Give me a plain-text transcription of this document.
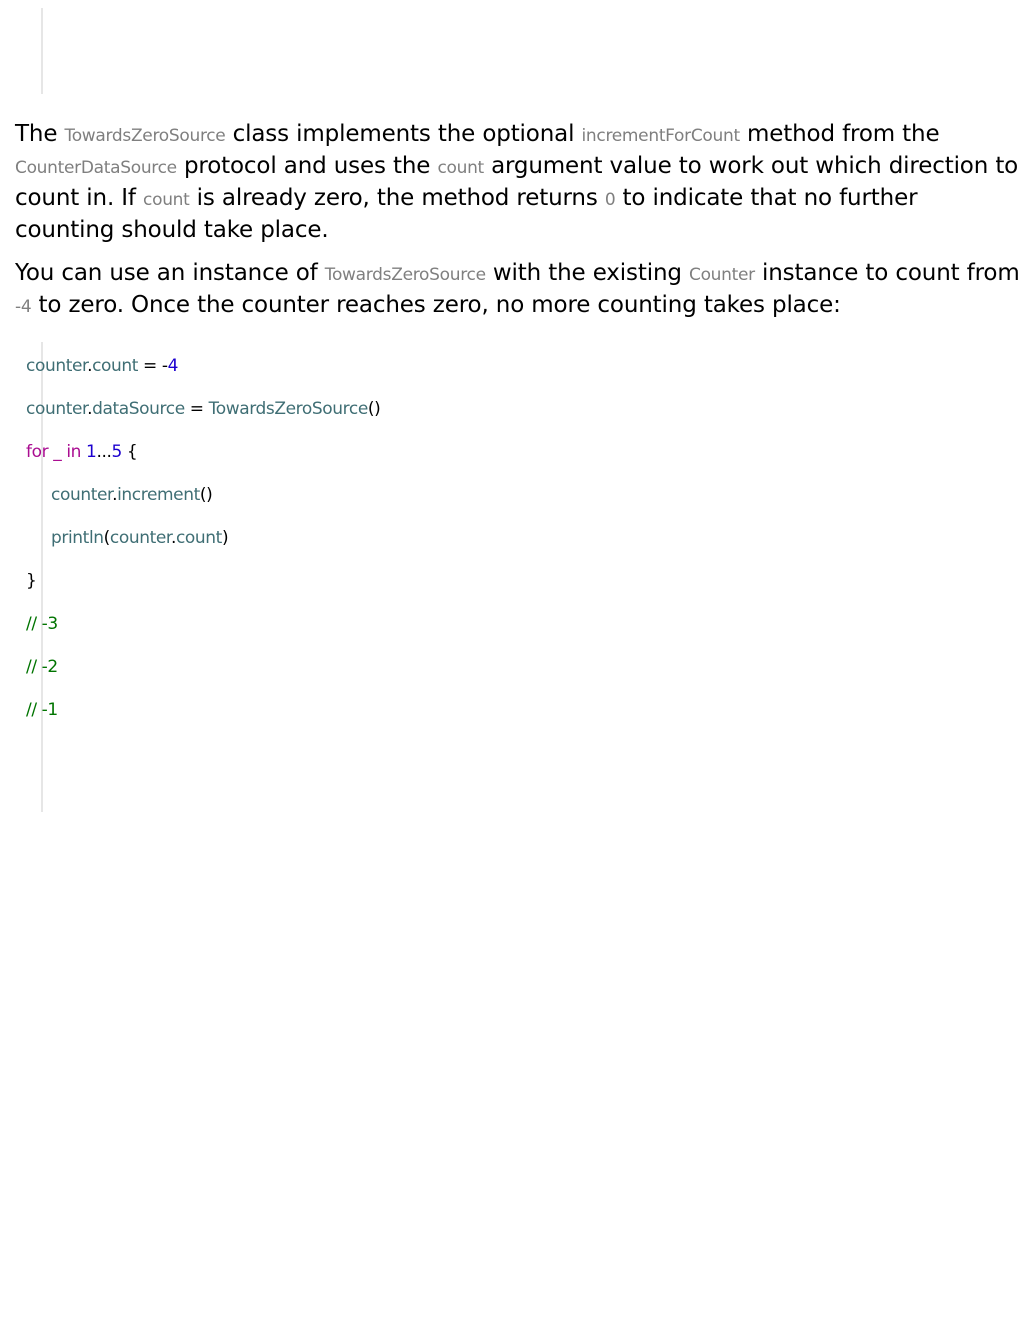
The TowardsZeroSource class implements the optional incrementForCount method from the CounterDataSource protocol and uses the count argument value to work out which direction to count in. If count is already zero, the method returns 0 to indicate that no further counting should take place.

You can use an instance of TowardsZeroSource with the existing Counter instance to count from -4 to zero. Once the counter reaches zero, no more counting takes place:

counter.count = -4
counter.dataSource = TowardsZeroSource()
for _ in 1...5 {
counter.increment()
println(counter.count)
}
// -3
// -2
// -1
